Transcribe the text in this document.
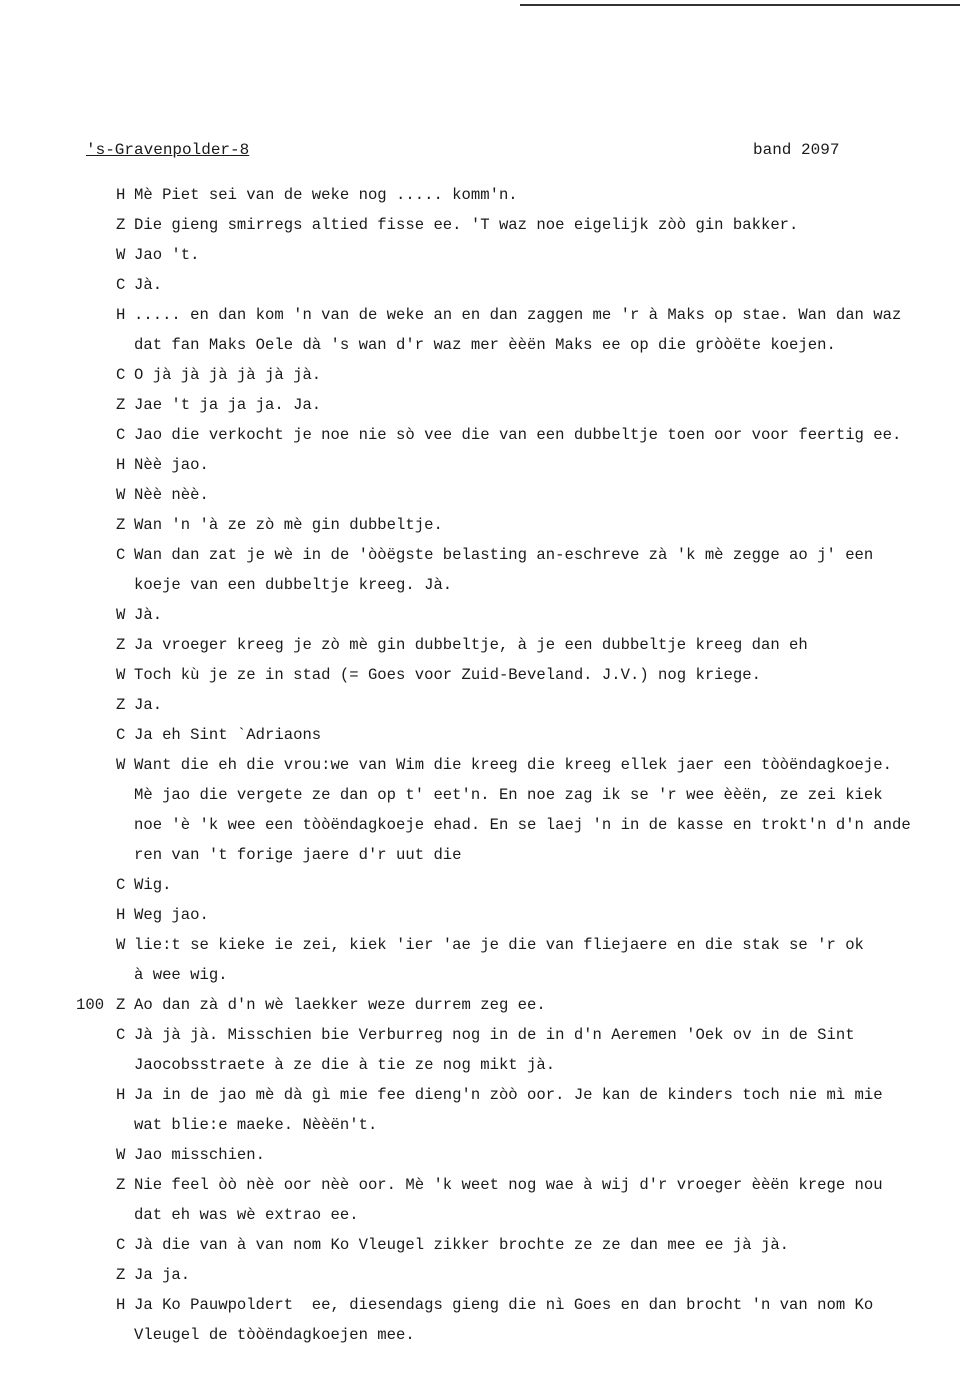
's-Gravenpolder-8	band 2097
H Mè Piet sei van de weke nog ..... komm'n.
Z Die gieng smirregs altied fisse ee. 'T waz noe eigelijk zòò gin bakker.
W Jao 't.
C Jà.
H ..... en dan kom 'n van de weke an en dan zaggen me 'r à Maks op stae. Wan dan waz
dat fan Maks Oele dà 's wan d'r waz mer èèën Maks ee op die gròòëte koejen.
C O jà jà jà jà jà jà.
Z Jae 't ja ja ja. Ja.
C Jao die verkocht je noe nie sò vee die van een dubbeltje toen oor voor feertig ee.
H Nèè jao.
W Nèè nèè.
Z Wan 'n 'à ze zò mè gin dubbeltje.
C Wan dan zat je wè in de 'òòëgste belasting an-eschreve zà 'k mè zegge ao j' een
koeje van een dubbeltje kreeg. Jà.
W Jà.
Z Ja vroeger kreeg je zò mè gin dubbeltje, à je een dubbeltje kreeg dan eh
W Toch kù je ze in stad (= Goes voor Zuid-Beveland. J.V.) nog kriege.
Z Ja.
C Ja eh Sint `Adriaons
W Want die eh die vrou:we van Wim die kreeg die kreeg ellek jaer een tòòëndagkoeje.
Mè jao die vergete ze dan op t' eet'n. En noe zag ik se 'r wee èèën, ze zei kiek
noe 'è 'k wee een tòòëndagkoeje ehad. En se laej 'n in de kasse en trokt'n d'n ande
ren van 't forige jaere d'r uut die
C Wig.
H Weg jao.
W lie:t se kieke ie zei, kiek 'ier 'ae je die van fliejaere en die stak se 'r ok
à wee wig.
100 Z Ao dan zà d'n wè laekker weze durrem zeg ee.
C Jà jà jà. Misschien bie Verburreg nog in de in d'n Aeremen 'Oek ov in de Sint
Jaocobsstraete à ze die à tie ze nog mikt jà.
H Ja in de jao mè dà gì mie fee dieng'n zòò oor. Je kan de kinders toch nie mì mie
wat blie:e maeke. Nèèën't.
W Jao misschien.
Z Nie feel òò nèè oor nèè oor. Mè 'k weet nog wae à wij d'r vroeger èèën krege nou
dat eh was wè extrao ee.
C Jà die van à van nom Ko Vleugel zikker brochte ze ze dan mee ee jà jà.
Z Ja ja.
H Ja Ko Pauwpoldert  ee, diesendags gieng die nì Goes en dan brocht 'n van nom Ko
Vleugel de tòòëndagkoejen mee.
